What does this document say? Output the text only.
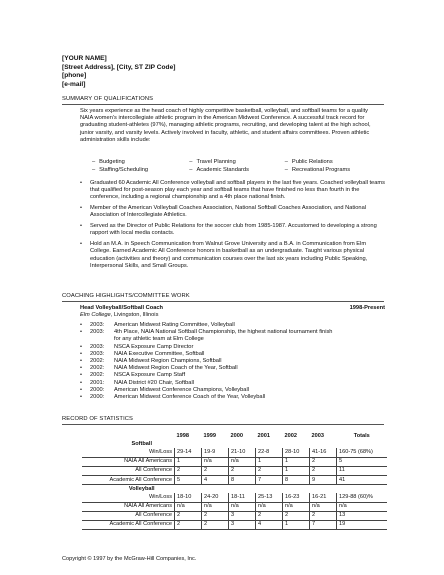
[YOUR NAME]
[Street Address], [City, ST ZIP Code]
[phone]
[e-mail]
SUMMARY OF QUALIFICATIONS
Six years experience as the head coach of highly competitive basketball, volleyball, and softball teams for a quality NAIA women’s intercollegiate athletic program in the American Midwest Conference. A successful track record for graduating student-athletes (97%), managing athletic programs, recruiting, and developing talent at the high school, junior varsity, and varsity levels. Actively involved in faculty, athletic, and student affairs committees. Proven athletic administration skills include:
– Budgeting	– Travel Planning	– Public Relations
– Staffing/Scheduling	– Academic Standards	– Recreational Programs
• Graduated 60 Academic All Conference volleyball and softball players in the last five years. Coached volleyball teams that qualified for post-season play each year and softball teams that have finished no less than fourth in the conference, including a regional championship and a 4th place national finish.
• Member of the American Volleyball Coaches Association, National Softball Coaches Association, and National Association of Intercollegiate Athletics.
• Served as the Director of Public Relations for the soccer club from 1985-1987. Accustomed to developing a strong rapport with local media contacts.
• Hold an M.A. in Speech Communication from Walnut Grove University and a B.A. in Communication from Elm College. Earned Academic All Conference honors in basketball as an undergraduate. Taught various physical education (activities and theory) and communication courses over the last six years including Public Speaking, Interpersonal Skills, and Small Groups.
COACHING HIGHLIGHTS/COMMITTEE WORK
Head Volleyball/Softball Coach	1998-Present
Elm College, Livingston, Illinois
•	2003:	American Midwest Rating Committee, Volleyball
•	2003:	4th Place, NAIA National Softball Championship, the highest national tournament finish
for any athletic team at Elm College
•	2003:	NSCA Exposure Camp Director
•	2003:	NAIA Executive Committee, Softball
•	2002:	NAIA Midwest Region Champions, Softball
•	2002:	NAIA Midwest Region Coach of the Year, Softball
•	2002:	NSCA Exposure Camp Staff
•	2001:	NAIA District #20 Chair, Softball
•	2000:	American Midwest Conference Champions, Volleyball
•	2000:	American Midwest Conference Coach of the Year, Volleyball
RECORD OF STATISTICS
	1998	1999	2000	2001	2002	2003	Totals
Softball							
Win/Loss	29-14	19-9	21-10	22-8	28-10	41-16	160-75 (68%)
NAIA All Americans	1	n/a	n/a	1	1	2	5
All Conference	2	2	2	2	1	2	11
Academic All Conference	5	4	8	7	8	9	41
Volleyball							
Win/Loss	18-10	24-20	18-11	25-13	16-23	16-21	129-88 (60)%
NAIA All Americans	n/a	n/a	n/a	n/a	n/a	n/a	n/a
All Conference	2	2	3	2	2	2	13
Academic All Conference	2	2	3	4	1	7	19
Copyright © 1997 by the McGraw-Hill Companies, Inc.
